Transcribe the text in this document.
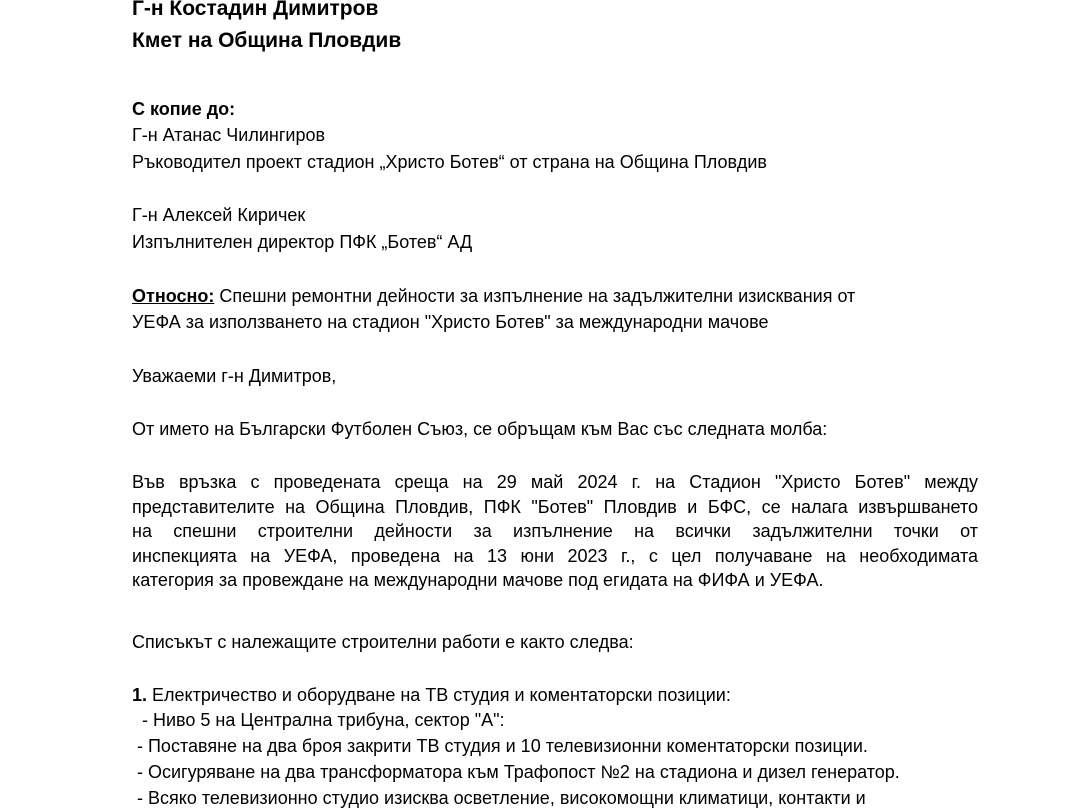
Г-н Костадин Димитров
Кмет на Община Пловдив
С копие до:
Г-н Атанас Чилингиров
Ръководител проект стадион „Христо Ботев“ от страна на Община Пловдив
Г-н Алексей Киричек
Изпълнителен директор ПФК „Ботев“ АД
Относно: Спешни ремонтни дейности за изпълнение на задължителни изисквания от
УЕФА за използването на стадион "Христо Ботев" за международни мачове
Уважаеми г-н Димитров,
От името на Български Футболен Съюз, се обръщам към Вас със следната молба:
Във връзка с проведената среща на 29 май 2024 г. на Стадион "Христо Ботев" между
представителите на Община Пловдив, ПФК "Ботев" Пловдив и БФС, се налага извършването
на спешни строителни дейности за изпълнение на всички задължителни точки от
инспекцията на УЕФА, проведена на 13 юни 2023 г., с цел получаване на необходимата
категория за провеждане на международни мачове под егидата на ФИФА и УЕФА.
Списъкът с належащите строителни работи е както следва:
1. Електричество и оборудване на ТВ студия и коментаторски позиции:
- Ниво 5 на Централна трибуна, сектор "А":
- Поставяне на два броя закрити ТВ студия и 10 телевизионни коментаторски позиции.
- Осигуряване на два трансформатора към Трафопост №2 на стадиона и дизел генератор.
- Всяко телевизионно студио изисква осветление, високомощни климатици, контакти и
